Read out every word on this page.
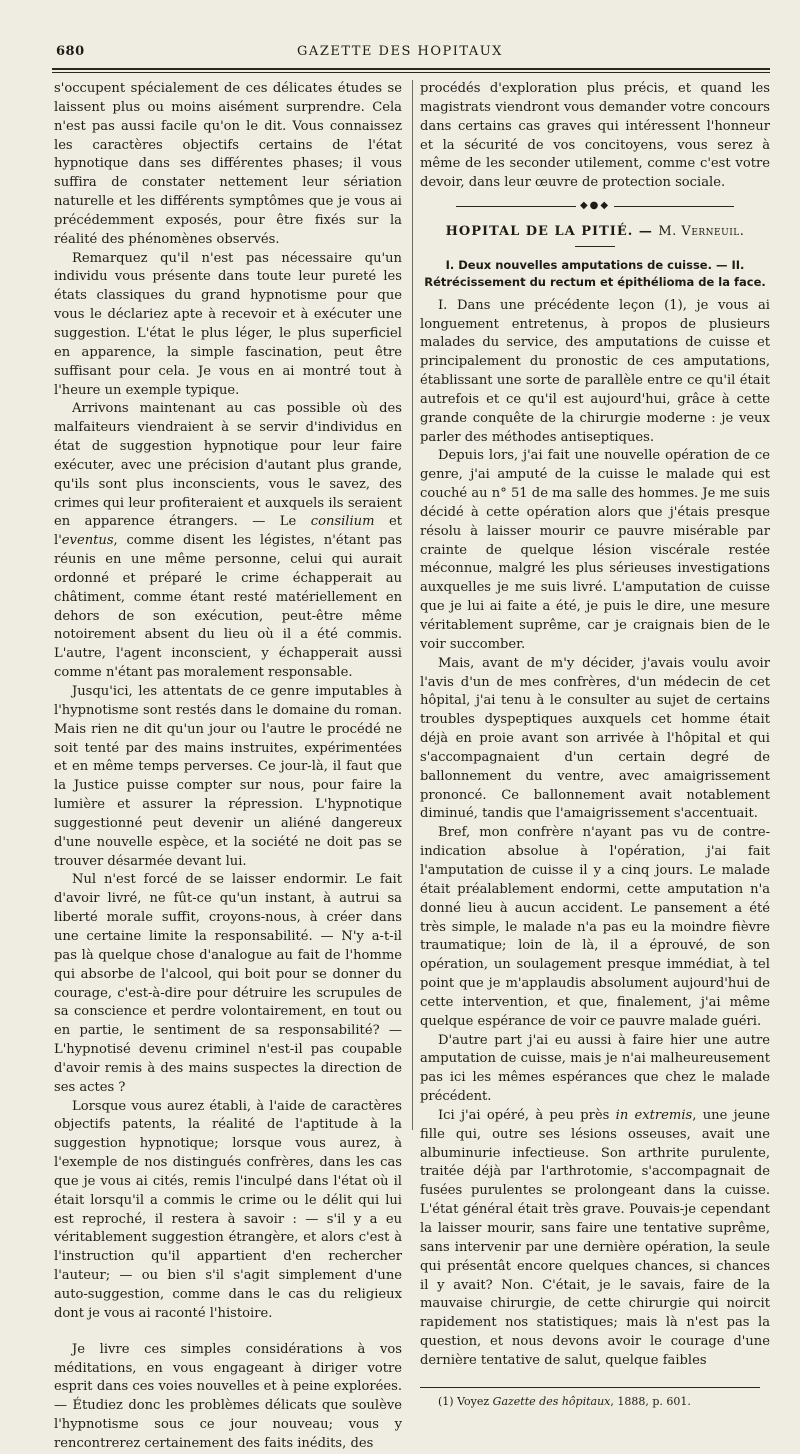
680	GAZETTE DES HOPITAUX

s'occupent spécialement de ces délicates études se laissent plus ou moins aisément surprendre. Cela n'est pas aussi facile qu'on le dit. Vous connaissez les caractères objectifs certains de l'état hypnotique dans ses différentes phases; il vous suffira de constater nettement leur sériation naturelle et les différents symptômes que je vous ai précédemment exposés, pour être fixés sur la réalité des phénomènes observés.

Remarquez qu'il n'est pas nécessaire qu'un individu vous présente dans toute leur pureté les états classiques du grand hypnotisme pour que vous le déclariez apte à recevoir et à exécuter une suggestion. L'état le plus léger, le plus superficiel en apparence, la simple fascination, peut être suffisant pour cela. Je vous en ai montré tout à l'heure un exemple typique.

Arrivons maintenant au cas possible où des malfaiteurs viendraient à se servir d'individus en état de suggestion hypnotique pour leur faire exécuter, avec une précision d'autant plus grande, qu'ils sont plus inconscients, vous le savez, des crimes qui leur profiteraient et auxquels ils seraient en apparence étrangers. — Le consilium et l'eventus, comme disent les légistes, n'étant pas réunis en une même personne, celui qui aurait ordonné et préparé le crime échapperait au châtiment, comme étant resté matériellement en dehors de son exécution, peut-être même notoirement absent du lieu où il a été commis. L'autre, l'agent inconscient, y échapperait aussi comme n'étant pas moralement responsable.

Jusqu'ici, les attentats de ce genre imputables à l'hypnotisme sont restés dans le domaine du roman. Mais rien ne dit qu'un jour ou l'autre le procédé ne soit tenté par des mains instruites, expérimentées et en même temps perverses. Ce jour-là, il faut que la Justice puisse compter sur nous, pour faire la lumière et assurer la répression. L'hypnotique suggestionné peut devenir un aliéné dangereux d'une nouvelle espèce, et la société ne doit pas se trouver désarmée devant lui.

Nul n'est forcé de se laisser endormir. Le fait d'avoir livré, ne fût-ce qu'un instant, à autrui sa liberté morale suffit, croyons-nous, à créer dans une certaine limite la responsabilité. — N'y a-t-il pas là quelque chose d'analogue au fait de l'homme qui absorbe de l'alcool, qui boit pour se donner du courage, c'est-à-dire pour détruire les scrupules de sa conscience et perdre volontairement, en tout ou en partie, le sentiment de sa responsabilité? —L'hypnotisé devenu criminel n'est-il pas coupable d'avoir remis à des mains suspectes la direction de ses actes ?

Lorsque vous aurez établi, à l'aide de caractères objectifs patents, la réalité de l'aptitude à la suggestion hypnotique; lorsque vous aurez, à l'exemple de nos distingués confrères, dans les cas que je vous ai cités, remis l'inculpé dans l'état où il était lorsqu'il a commis le crime ou le délit qui lui est reproché, il restera à savoir : — s'il y a eu véritablement suggestion étrangère, et alors c'est à l'instruction qu'il appartient d'en rechercher l'auteur; — ou bien s'il s'agit simplement d'une auto-suggestion, comme dans le cas du religieux dont je vous ai raconté l'histoire.

Je livre ces simples considérations à vos méditations, en vous engageant à diriger votre esprit dans ces voies nouvelles et à peine explorées. — Étudiez donc les problèmes délicats que soulève l'hypnotisme sous ce jour nouveau; vous y rencontrerez certainement des faits inédits, des

procédés d'exploration plus précis, et quand les magistrats viendront vous demander votre concours dans certains cas graves qui intéressent l'honneur et la sécurité de vos concitoyens, vous serez à même de les seconder utilement, comme c'est votre devoir, dans leur œuvre de protection sociale.

◆●◆
HOPITAL DE LA PITIÉ. — M. Verneuil.
I. Deux nouvelles amputations de cuisse. — II. Rétrécissement du rectum et épithélioma de la face.

I. Dans une précédente leçon (1), je vous ai longuement entretenus, à propos de plusieurs malades du service, des amputations de cuisse et principalement du pronostic de ces amputations, établissant une sorte de parallèle entre ce qu'il était autrefois et ce qu'il est aujourd'hui, grâce à cette grande conquête de la chirurgie moderne : je veux parler des méthodes antiseptiques.

Depuis lors, j'ai fait une nouvelle opération de ce genre, j'ai amputé de la cuisse le malade qui est couché au n° 51 de ma salle des hommes. Je me suis décidé à cette opération alors que j'étais presque résolu à laisser mourir ce pauvre misérable par crainte de quelque lésion viscérale restée méconnue, malgré les plus sérieuses investigations auxquelles je me suis livré. L'amputation de cuisse que je lui ai faite a été, je puis le dire, une mesure véritablement suprême, car je craignais bien de le voir succomber.

Mais, avant de m'y décider, j'avais voulu avoir l'avis d'un de mes confrères, d'un médecin de cet hôpital, j'ai tenu à le consulter au sujet de certains troubles dyspeptiques auxquels cet homme était déjà en proie avant son arrivée à l'hôpital et qui s'accompagnaient d'un certain degré de ballonnement du ventre, avec amaigrissement prononcé. Ce ballonnement avait notablement diminué, tandis que l'amaigrissement s'accentuait.

Bref, mon confrère n'ayant pas vu de contre-indication absolue à l'opération, j'ai fait l'amputation de cuisse il y a cinq jours. Le malade était préalablement endormi, cette amputation n'a donné lieu à aucun accident. Le pansement a été très simple, le malade n'a pas eu la moindre fièvre traumatique; loin de là, il a éprouvé, de son opération, un soulagement presque immédiat, à tel point que je m'applaudis absolument aujourd'hui de cette intervention, et que, finalement, j'ai même quelque espérance de voir ce pauvre malade guéri.

D'autre part j'ai eu aussi à faire hier une autre amputation de cuisse, mais je n'ai malheureusement pas ici les mêmes espérances que chez le malade précédent.

Ici j'ai opéré, à peu près in extremis, une jeune fille qui, outre ses lésions osseuses, avait une albuminurie infectieuse. Son arthrite purulente, traitée déjà par l'arthrotomie, s'accompagnait de fusées purulentes se prolongeant dans la cuisse. L'état général était très grave. Pouvais-je cependant la laisser mourir, sans faire une tentative suprême, sans intervenir par une dernière opération, la seule qui présentât encore quelques chances, si chances il y avait? Non. C'était, je le savais, faire de la mauvaise chirurgie, de cette chirurgie qui noircit rapidement nos statistiques; mais là n'est pas la question, et nous devons avoir le courage d'une dernière tentative de salut, quelque faibles

(1) Voyez Gazette des hôpitaux, 1888, p. 601.
